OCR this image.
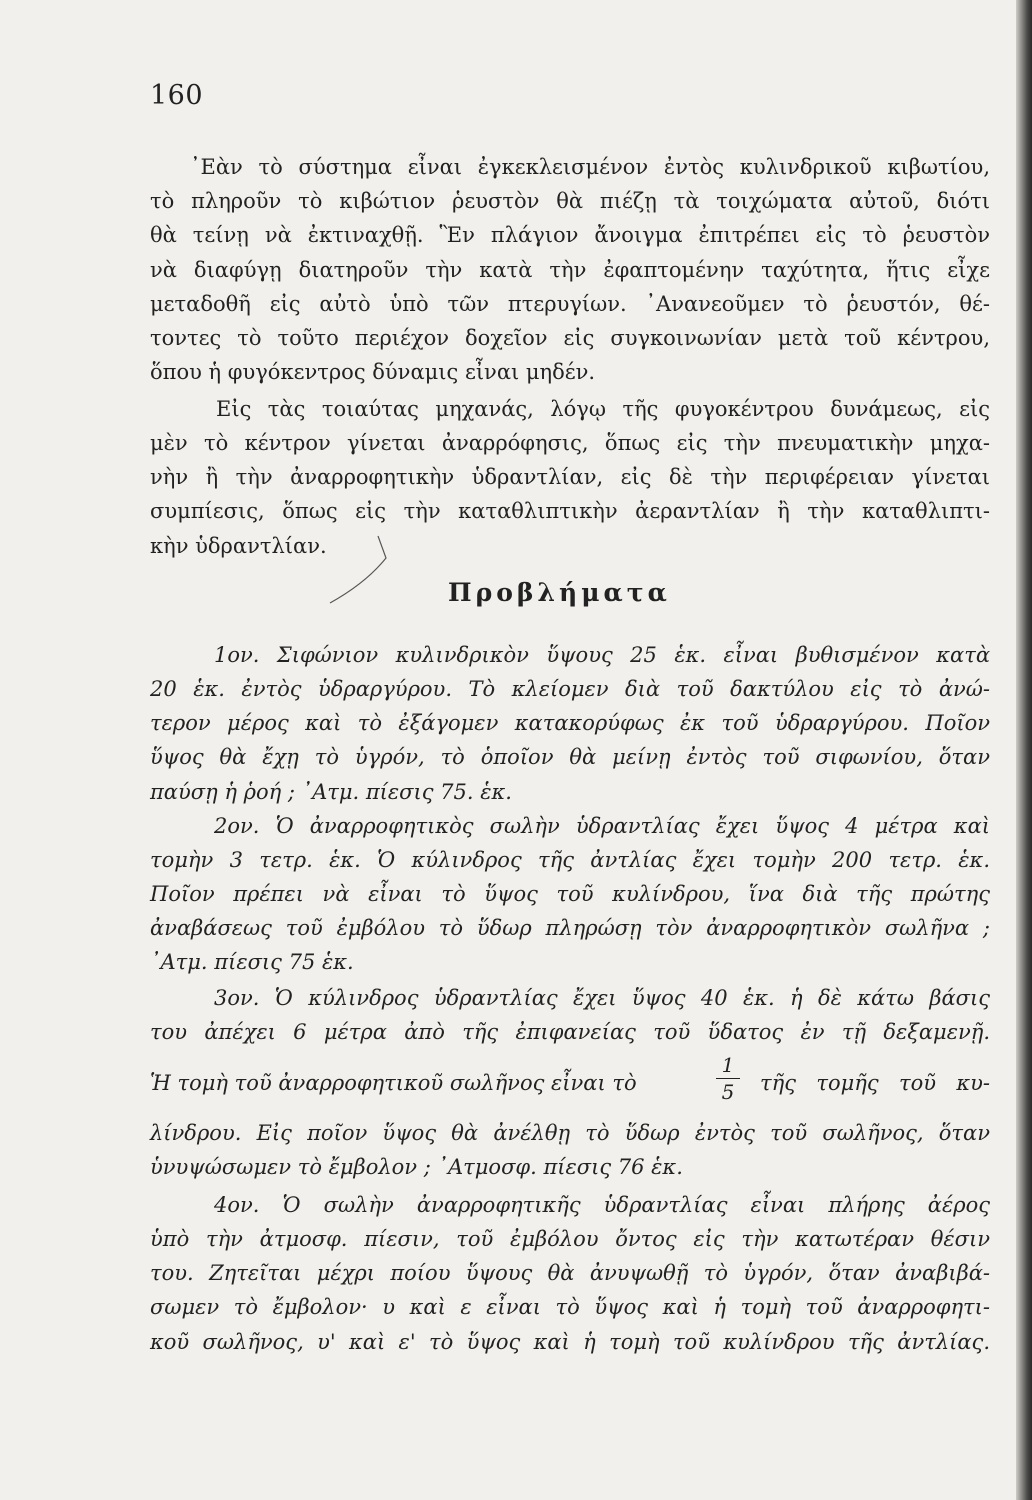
160
᾿Εὰν τὸ σύστημα εἶναι ἐγκεκλεισμένον ἐντὸς κυλινδρικοῦ κιβωτίου,
τὸ πληροῦν τὸ κιβώτιον ῥευστὸν θὰ πιέζῃ τὰ τοιχώματα αὐτοῦ, διότι
θὰ τείνῃ νὰ ἐκτιναχθῇ. Ἓν πλάγιον ἄνοιγμα ἐπιτρέπει εἰς τὸ ῥευστὸν
νὰ διαφύγῃ διατηροῦν τὴν κατὰ τὴν ἐφαπτομένην ταχύτητα, ἥτις εἶχε
μεταδοθῆ εἰς αὐτὸ ὑπὸ τῶν πτερυγίων. ᾿Ανανεοῦμεν τὸ ῥευστόν, θέ-
τοντες τὸ τοῦτο περιέχον δοχεῖον εἰς συγκοινωνίαν μετὰ τοῦ κέντρου,
ὅπου ἡ φυγόκεντρος δύναμις εἶναι μηδέν.
Εἰς τὰς τοιαύτας μηχανάς, λόγῳ τῆς φυγοκέντρου δυνάμεως, εἰς
μὲν τὸ κέντρον γίνεται ἀναρρόφησις, ὅπως εἰς τὴν πνευματικὴν μηχα-
νὴν ἢ τὴν ἀναρροφητικὴν ὑδραντλίαν, εἰς δὲ τὴν περιφέρειαν γίνεται
συμπίεσις, ὅπως εἰς τὴν καταθλιπτικὴν ἀεραντλίαν ἢ τὴν καταθλιπτι-
κὴν ὑδραντλίαν.
Προβλήματα
1ον. Σιφώνιον κυλινδρικὸν ὕψους 25 ἑκ. εἶναι βυθισμένον κατὰ
20 ἑκ. ἐντὸς ὑδραργύρου. Τὸ κλείομεν διὰ τοῦ δακτύλου εἰς τὸ ἀνώ-
τερον μέρος καὶ τὸ ἐξάγομεν κατακορύφως ἐκ τοῦ ὑδραργύρου. Ποῖον
ὕψος θὰ ἔχῃ τὸ ὑγρόν, τὸ ὁποῖον θὰ μείνῃ ἐντὸς τοῦ σιφωνίου, ὅταν
παύσῃ ἡ ῥοή ; ᾿Ατμ. πίεσις 75. ἑκ.
2ον. Ὁ ἀναρροφητικὸς σωλὴν ὑδραντλίας ἔχει ὕψος 4 μέτρα καὶ
τομὴν 3 τετρ. ἑκ. Ὁ κύλινδρος τῆς ἀντλίας ἔχει τομὴν 200 τετρ. ἑκ.
Ποῖον πρέπει νὰ εἶναι τὸ ὕψος τοῦ κυλίνδρου, ἵνα διὰ τῆς πρώτης
ἀναβάσεως τοῦ ἐμβόλου τὸ ὕδωρ πληρώσῃ τὸν ἀναρροφητικὸν σωλῆνα ;
᾿Ατμ. πίεσις 75 ἑκ.
3ον. Ὁ κύλινδρος ὑδραντλίας ἔχει ὕψος 40 ἑκ. ἡ δὲ κάτω βάσις
του ἀπέχει 6 μέτρα ἀπὸ τῆς ἐπιφανείας τοῦ ὕδατος ἐν τῇ δεξαμενῇ.
Ἡ τομὴ τοῦ ἀναρροφητικοῦ σωλῆνος εἶναι τὸ
1
5 τῆς τομῆς τοῦ κυ-
λίνδρου. Εἰς ποῖον ὕψος θὰ ἀνέλθῃ τὸ ὕδωρ ἐντὸς τοῦ σωλῆνος, ὅταν
ὑνυψώσωμεν τὸ ἔμβολον ; ᾿Ατμοσφ. πίεσις 76 ἑκ.
4ον. Ὁ σωλὴν ἀναρροφητικῆς ὑδραντλίας εἶναι πλήρης ἀέρος
ὑπὸ τὴν ἀτμοσφ. πίεσιν, τοῦ ἐμβόλου ὄντος εἰς τὴν κατωτέραν θέσιν
του. Ζητεῖται μέχρι ποίου ὕψους θὰ ἀνυψωθῇ τὸ ὑγρόν, ὅταν ἀναβιβά-
σωμεν τὸ ἔμβολον· υ καὶ ε εἶναι τὸ ὕψος καὶ ἡ τομὴ τοῦ ἀναρροφητι-
κοῦ σωλῆνος, υ' καὶ ε' τὸ ὕψος καὶ ἡ τομὴ τοῦ κυλίνδρου τῆς ἀντλίας.
